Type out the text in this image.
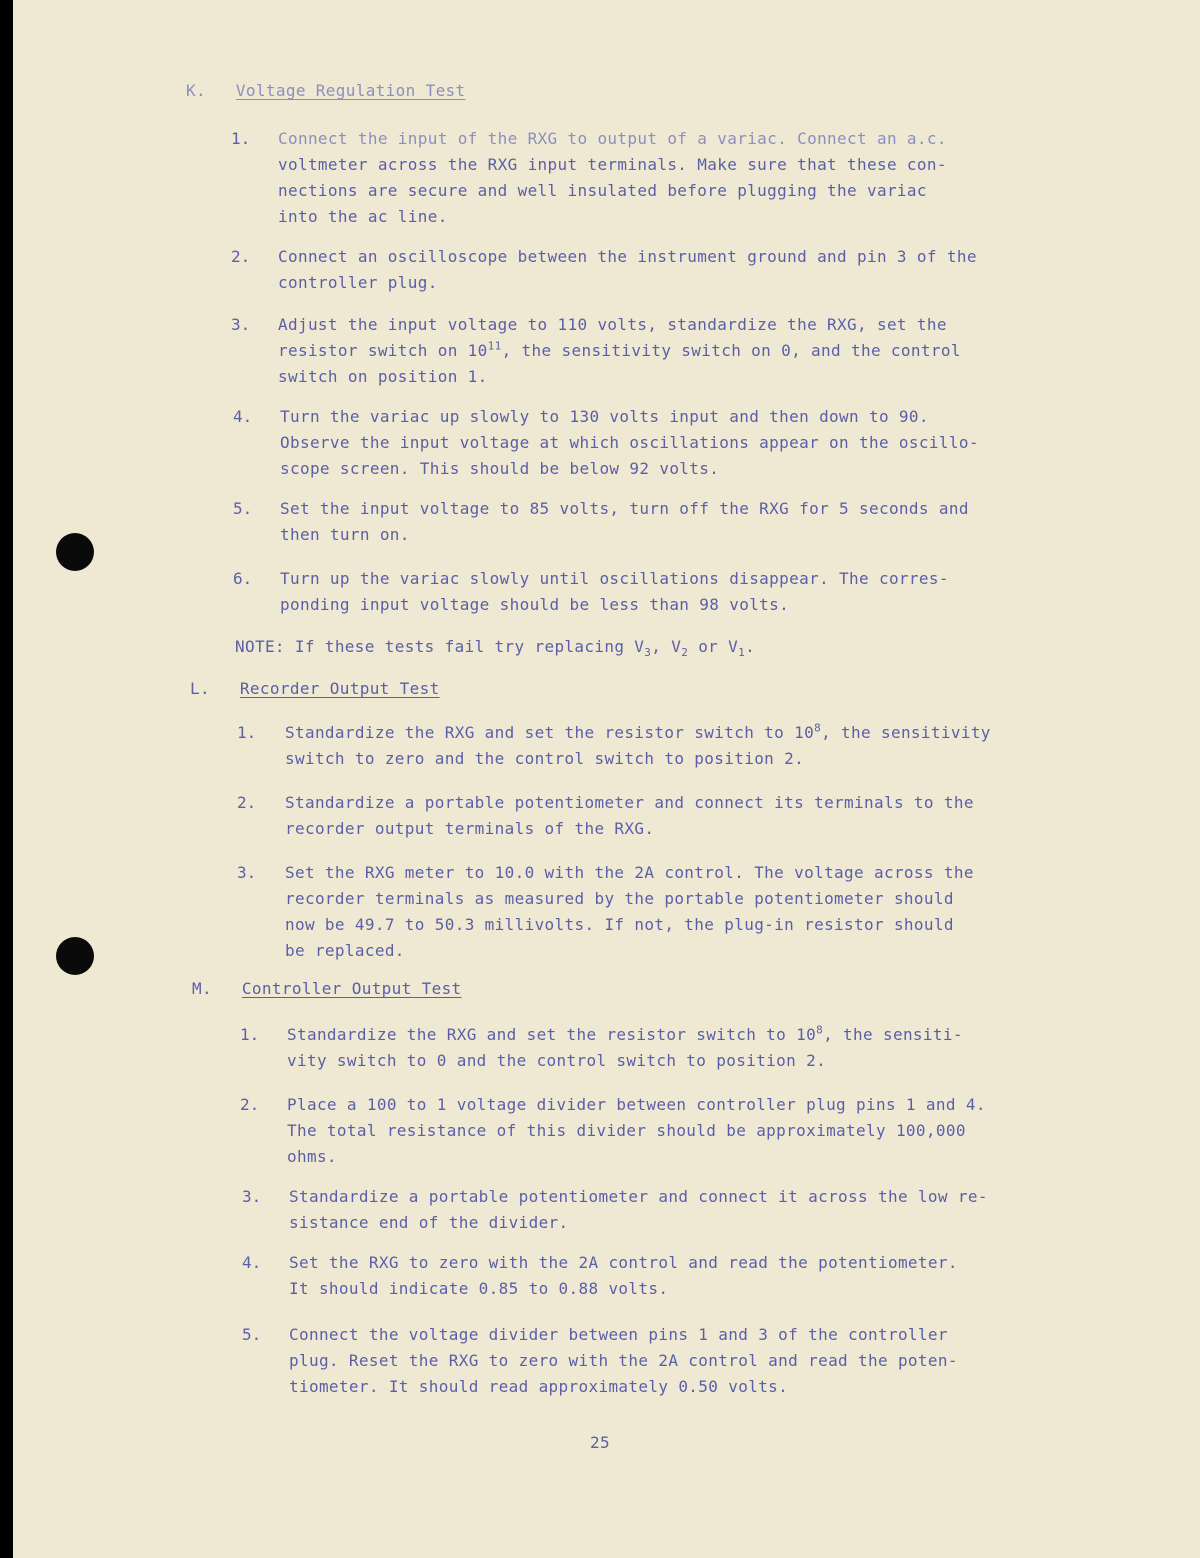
K. Voltage Regulation Test
1. Connect the input of the RXG to output of a variac. Connect an a.c.
voltmeter across the RXG input terminals. Make sure that these con-
nections are secure and well insulated before plugging the variac
into the ac line.
2. Connect an oscilloscope between the instrument ground and pin 3 of the
controller plug.
3. Adjust the input voltage to 110 volts, standardize the RXG, set the
resistor switch on $10^{11}$, the sensitivity switch on 0, and the control
switch on position 1.
4. Turn the variac up slowly to 130 volts input and then down to 90.
Observe the input voltage at which oscillations appear on the oscillo-
scope screen. This should be below 92 volts.
5. Set the input voltage to 85 volts, turn off the RXG for 5 seconds and
then turn on.
6. Turn up the variac slowly until oscillations disappear. The corres-
ponding input voltage should be less than 98 volts.
NOTE: If these tests fail try replacing $V_3$, $V_2$ or $V_1$.
L. Recorder Output Test
1. Standardize the RXG and set the resistor switch to $10^8$, the sensitivity
switch to zero and the control switch to position 2.
2. Standardize a portable potentiometer and connect its terminals to the
recorder output terminals of the RXG.
3. Set the RXG meter to 10.0 with the 2A control. The voltage across the
recorder terminals as measured by the portable potentiometer should
now be 49.7 to 50.3 millivolts. If not, the plug-in resistor should
be replaced.
M. Controller Output Test
1. Standardize the RXG and set the resistor switch to $10^8$, the sensiti-
vity switch to 0 and the control switch to position 2.
2. Place a 100 to 1 voltage divider between controller plug pins 1 and 4.
The total resistance of this divider should be approximately 100,000
ohms.
3. Standardize a portable potentiometer and connect it across the low re-
sistance end of the divider.
4. Set the RXG to zero with the 2A control and read the potentiometer.
It should indicate 0.85 to 0.88 volts.
5. Connect the voltage divider between pins 1 and 3 of the controller
plug. Reset the RXG to zero with the 2A control and read the poten-
tiometer. It should read approximately 0.50 volts.
25
